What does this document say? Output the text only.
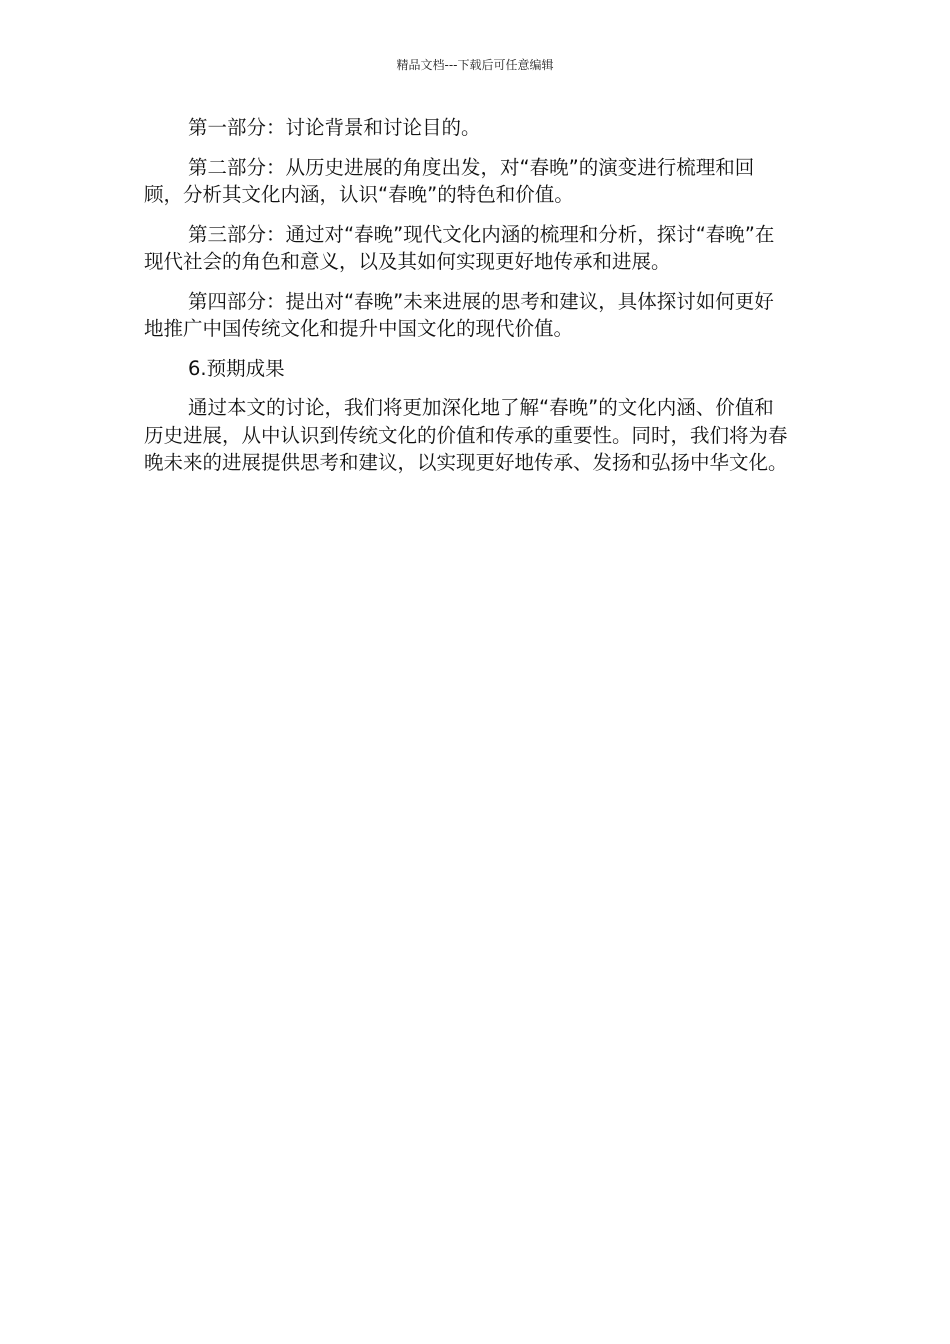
精品文档---下载后可任意编辑

第一部分：讨论背景和讨论目的。

第二部分：从历史进展的角度出发，对“春晚”的演变进行梳理和回顾，分析其文化内涵，认识“春晚”的特色和价值。

第三部分：通过对“春晚”现代文化内涵的梳理和分析，探讨“春晚”在现代社会的角色和意义，以及其如何实现更好地传承和进展。

第四部分：提出对“春晚”未来进展的思考和建议，具体探讨如何更好地推广中国传统文化和提升中国文化的现代价值。

6.预期成果

通过本文的讨论，我们将更加深化地了解“春晚”的文化内涵、价值和历史进展，从中认识到传统文化的价值和传承的重要性。同时，我们将为春晚未来的进展提供思考和建议，以实现更好地传承、发扬和弘扬中华文化。
